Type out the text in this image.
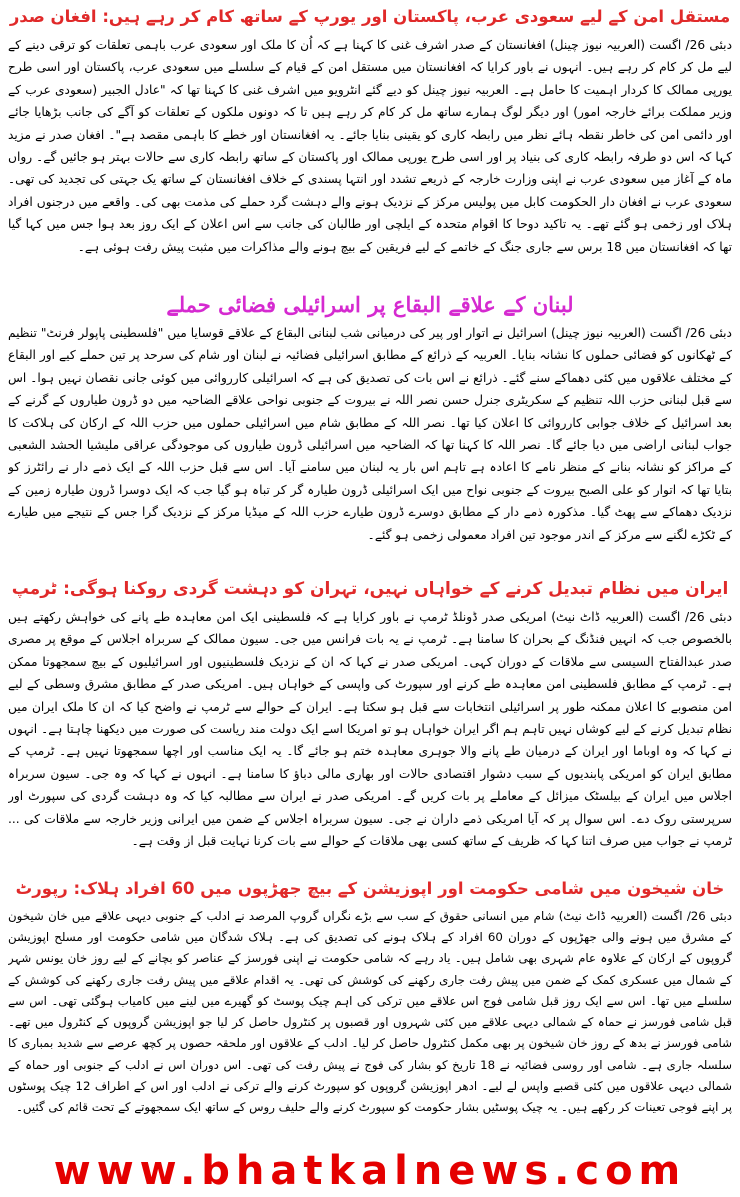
مستقل امن کے لیے سعودی عرب، پاکستان اور یورپ کے ساتھ کام کر رہے ہیں: افغان صدر

دبئی 26/ اگست (العربیہ نیوز چینل) افغانستان کے صدر اشرف غنی کا کہنا ہے کہ اُن کا ملک اور سعودی عرب باہمی تعلقات کو ترقی دینے کے لیے مل کر کام کر رہے ہیں۔ انہوں نے باور کرایا کہ افغانستان میں مستقل امن کے قیام کے سلسلے میں سعودی عرب، پاکستان اور اسی طرح یورپی ممالک کا کردار اہمیت کا حامل ہے۔ العربیہ نیوز چینل کو دیے گئے انٹرویو میں اشرف غنی کا کہنا تھا کہ "عادل الجبیر (سعودی عرب کے وزیر مملکت برائے خارجہ امور) اور دیگر لوگ ہمارے ساتھ مل کر کام کر رہے ہیں تا کہ دونوں ملکوں کے تعلقات کو آگے کی جانب بڑھایا جائے اور دائمی امن کی خاطر نقطہ ہائے نظر میں رابطہ کاری کو یقینی بنایا جائے۔ یہ افغانستان اور خطے کا باہمی مقصد ہے"۔ افغان صدر نے مزید کہا کہ اس دو طرفہ رابطہ کاری کی بنیاد پر اور اسی طرح یورپی ممالک اور پاکستان کے ساتھ رابطہ کاری سے حالات بہتر ہو جائیں گے۔ رواں ماہ کے آغاز میں سعودی عرب نے اپنی وزارت خارجہ کے ذریعے تشدد اور انتہا پسندی کے خلاف افغانستان کے ساتھ یک جہتی کی تجدید کی تھی۔ سعودی عرب نے افغان دار الحکومت کابل میں پولیس مرکز کے نزدیک ہونے والے دہشت گرد حملے کی مذمت بھی کی۔ واقعے میں درجنوں افراد ہلاک اور زخمی ہو گئے تھے۔ یہ تاکید دوحا کا اقوام متحدہ کے ایلچی اور طالبان کی جانب سے اس اعلان کے ایک روز بعد ہوا جس میں کہا گیا تھا کہ افغانستان میں 18 برس سے جاری جنگ کے خاتمے کے لیے فریقین کے بیچ ہونے والے مذاکرات میں مثبت پیش رفت ہوئی ہے۔

لبنان کے علاقے البقاع پر اسرائیلی فضائی حملے

دبئی 26/ اگست (العربیہ نیوز چینل) اسرائیل نے اتوار اور پیر کی درمیانی شب لبنانی البقاع کے علاقے قوسایا میں "فلسطینی پاپولر فرنٹ" تنظیم کے ٹھکانوں کو فضائی حملوں کا نشانہ بنایا۔ العربیہ کے ذرائع کے مطابق اسرائیلی فضائیہ نے لبنان اور شام کی سرحد پر تین حملے کیے اور البقاع کے مختلف علاقوں میں کئی دھماکے سنے گئے۔ ذرائع نے اس بات کی تصدیق کی ہے کہ اسرائیلی کارروائی میں کوئی جانی نقصان نہیں ہوا۔ اس سے قبل لبنانی حزب اللہ تنظیم کے سکریٹری جنرل حسن نصر اللہ نے بیروت کے جنوبی نواحی علاقے الضاحیہ میں دو ڈرون طیاروں کے گرنے کے بعد اسرائیل کے خلاف جوابی کارروائی کا اعلان کیا تھا۔ نصر اللہ کے مطابق شام میں اسرائیلی حملوں میں حزب اللہ کے ارکان کی ہلاکت کا جواب لبنانی اراضی میں دیا جائے گا۔ نصر اللہ کا کہنا تھا کہ الضاحیہ میں اسرائیلی ڈرون طیاروں کی موجودگی عراقی ملیشیا الحشد الشعبی کے مراکز کو نشانہ بنانے کے منظر نامے کا اعادہ ہے تاہم اس بار یہ لبنان میں سامنے آیا۔ اس سے قبل حزب اللہ کے ایک ذمے دار نے رائٹرز کو بتایا تھا کہ اتوار کو علی الصبح بیروت کے جنوبی نواح میں ایک اسرائیلی ڈرون طیارہ گر کر تباہ ہو گیا جب کہ ایک دوسرا ڈرون طیارہ زمین کے نزدیک دھماکے سے پھٹ گیا۔ مذکورہ ذمے دار کے مطابق دوسرے ڈرون طیارے حزب اللہ کے میڈیا مرکز کے نزدیک گرا جس کے نتیجے میں طیارے کے ٹکڑے لگنے سے مرکز کے اندر موجود تین افراد معمولی زخمی ہو گئے۔

ایران میں نظام تبدیل کرنے کے خواہاں نہیں، تہران کو دہشت گردی روکنا ہوگی: ٹرمپ

دبئی 26/ اگست (العربیہ ڈاٹ نیٹ) امریکی صدر ڈونلڈ ٹرمپ نے باور کرایا ہے کہ فلسطینی ایک امن معاہدہ طے پانے کی خواہش رکھتے ہیں بالخصوص جب کہ انہیں فنڈنگ کے بحران کا سامنا ہے۔ ٹرمپ نے یہ بات فرانس میں جی۔ سیون ممالک کے سربراہ اجلاس کے موقع پر مصری صدر عبدالفتاح السیسی سے ملاقات کے دوران کہی۔ امریکی صدر نے کہا کہ ان کے نزدیک فلسطینیوں اور اسرائیلیوں کے بیچ سمجھوتا ممکن ہے۔ ٹرمپ کے مطابق فلسطینی امن معاہدہ طے کرنے اور سپورٹ کی واپسی کے خواہاں ہیں۔ امریکی صدر کے مطابق مشرق وسطی کے لیے امن منصوبے کا اعلان ممکنہ طور پر اسرائیلی انتخابات سے قبل ہو سکتا ہے۔ ایران کے حوالے سے ٹرمپ نے واضح کیا کہ ان کا ملک ایران میں نظام تبدیل کرنے کے لیے کوشاں نہیں تاہم ہم اگر ایران خواہاں ہو تو امریکا اسے ایک دولت مند ریاست کی صورت میں دیکھنا چاہتا ہے۔ انہوں نے کہا کہ وہ اوباما اور ایران کے درمیان طے پانے والا جوہری معاہدہ ختم ہو جائے گا۔ یہ ایک مناسب اور اچھا سمجھوتا نہیں ہے۔ ٹرمپ کے مطابق ایران کو امریکی پابندیوں کے سبب دشوار اقتصادی حالات اور بھاری مالی دباؤ کا سامنا ہے۔ انہوں نے کہا کہ وہ جی۔ سیون سربراہ اجلاس میں ایران کے بیلسٹک میزائل کے معاملے پر بات کریں گے۔ امریکی صدر نے ایران سے مطالبہ کیا کہ وہ دہشت گردی کی سپورٹ اور سرپرستی روک دے۔ اس سوال پر کہ آیا امریکی ذمے داران نے جی۔ سیون سربراہ اجلاس کے ضمن میں ایرانی وزیر خارجہ سے ملاقات کی ... ٹرمپ نے جواب میں صرف اتنا کہا کہ ظریف کے ساتھ کسی بھی ملاقات کے حوالے سے بات کرنا نہایت قبل از وقت ہے۔

خان شیخون میں شامی حکومت اور اپوزیشن کے بیچ جھڑپوں میں 60 افراد ہلاک: رپورٹ

دبئی 26/ اگست (العربیہ ڈاٹ نیٹ) شام میں انسانی حقوق کے سب سے بڑے نگراں گروپ المرصد نے ادلب کے جنوبی دیہی علاقے میں خان شیخون کے مشرق میں ہونے والی جھڑپوں کے دوران 60 افراد کے ہلاک ہونے کی تصدیق کی ہے۔ ہلاک شدگان میں شامی حکومت اور مسلح اپوزیشن گروپوں کے ارکان کے علاوہ عام شہری بھی شامل ہیں۔ یاد رہے کہ شامی حکومت نے اپنی فورسز کے عناصر کو بچانے کے لیے روز خان یونس شہر کے شمال میں عسکری کمک کے ضمن میں پیش رفت جاری رکھنے کی کوشش کی تھی۔ یہ اقدام علاقے میں پیش رفت جاری رکھنے کی کوشش کے سلسلے میں تھا۔ اس سے ایک روز قبل شامی فوج اس علاقے میں ترکی کی اہم چیک پوسٹ کو گھیرے میں لینے میں کامیاب ہوگئی تھی۔ اس سے قبل شامی فورسز نے حماہ کے شمالی دیہی علاقے میں کئی شہروں اور قصبوں پر کنٹرول حاصل کر لیا جو اپوزیشن گروپوں کے کنٹرول میں تھے۔ شامی فورسز نے بدھ کے روز خان شیخون پر بھی مکمل کنٹرول حاصل کر لیا۔ ادلب کے علاقوں اور ملحقہ حصوں پر کچھ عرصے سے شدید بمباری کا سلسلہ جاری ہے۔ شامی اور روسی فضائیہ نے 18 تاریخ کو بشار کی فوج نے پیش رفت کی تھی۔ اس دوران اس نے ادلب کے جنوبی اور حماہ کے شمالی دیہی علاقوں میں کئی قصبے واپس لے لیے۔ ادھر اپوزیشن گروپوں کو سپورٹ کرنے والے ترکی نے ادلب اور اس کے اطراف 12 چیک پوسٹوں پر اپنے فوجی تعینات کر رکھے ہیں۔ یہ چیک پوسٹیں بشار حکومت کو سپورٹ کرنے والے حلیف روس کے ساتھ ایک سمجھوتے کے تحت قائم کی گئیں۔

www.bhatkalnews.com
